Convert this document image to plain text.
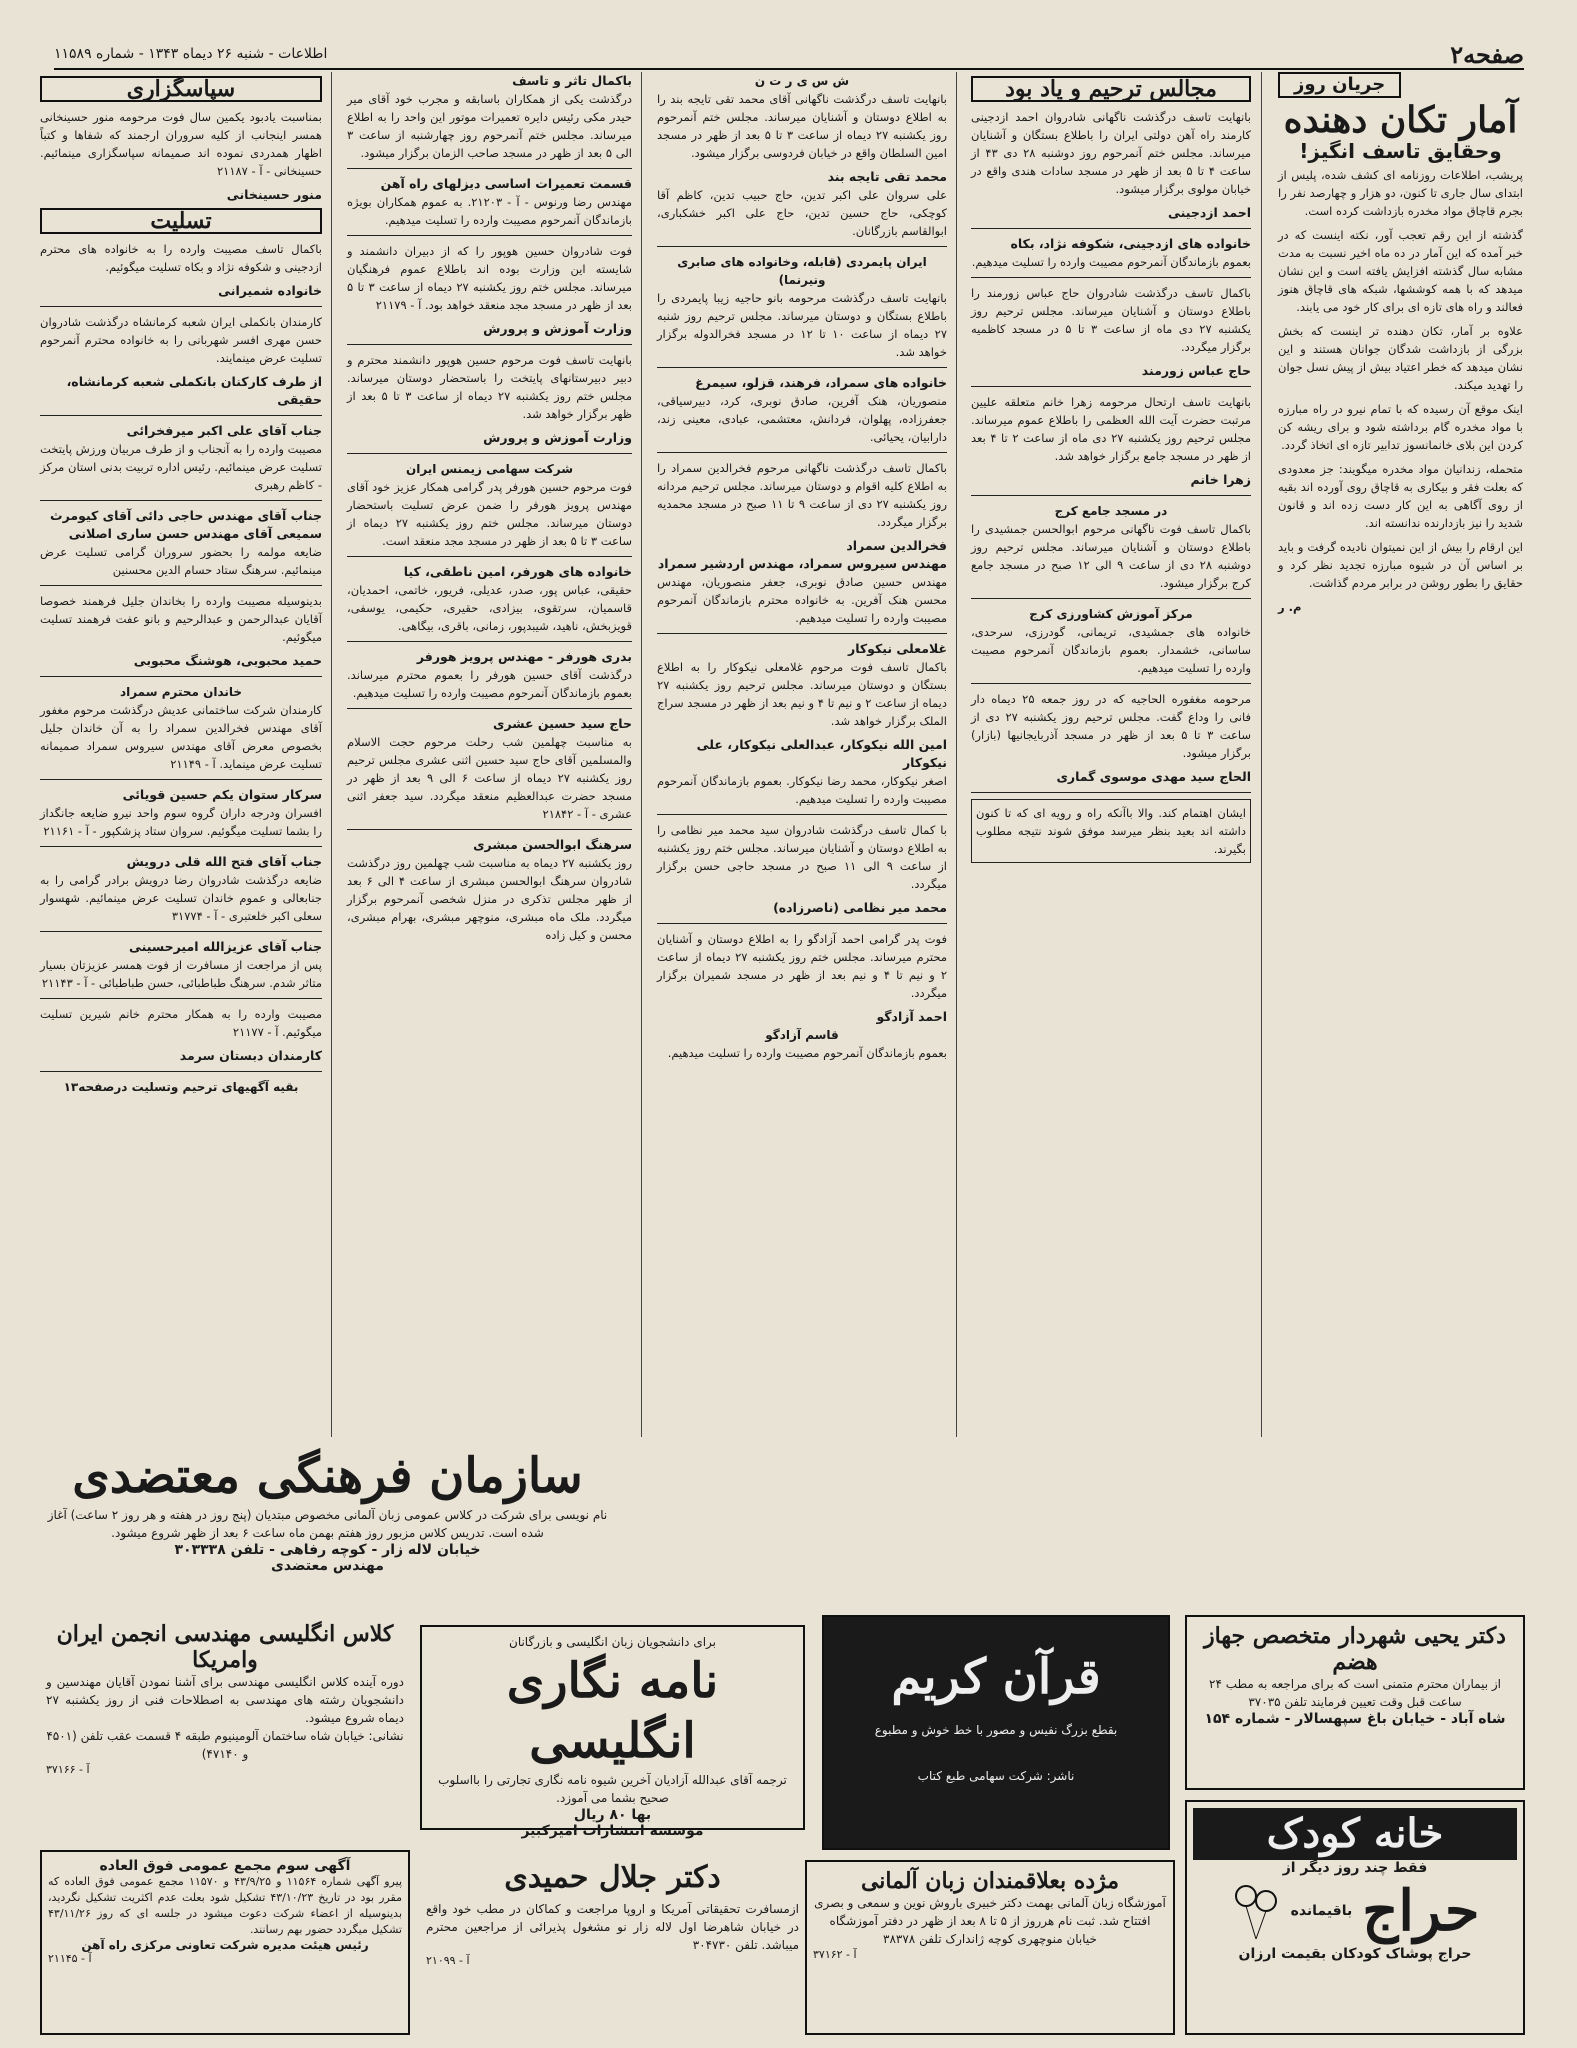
صفحه۲
اطلاعات - شنبه ۲۶ دیماه ۱۳۴۳ - شماره ۱۱۵۸۹
جریان روز
آمار تکان دهنده
وحقایق تاسف انگیز!

پریشب، اطلاعات روزنامه ای کشف شده، پلیس از ابتدای سال جاری تا کنون، دو هزار و چهارصد نفر را بجرم قاچاق مواد مخدره بازداشت کرده است.

گذشته از این رقم تعجب آور، نکته اینست که در خبر آمده که این آمار در ده ماه اخیر نسبت به مدت مشابه سال گذشته افزایش یافته است و این نشان میدهد که با همه کوششها، شبکه های قاچاق هنوز فعالند و راه های تازه ای برای کار خود می یابند.

علاوه بر آمار، تکان دهنده تر اینست که بخش بزرگی از بازداشت شدگان جوانان هستند و این نشان میدهد که خطر اعتیاد بیش از پیش نسل جوان را تهدید میکند.

اینک موقع آن رسیده که با تمام نیرو در راه مبارزه با مواد مخدره گام برداشته شود و برای ریشه کن کردن این بلای خانمانسوز تدابیر تازه ای اتخاذ گردد.

متحمله، زندانیان مواد مخدره میگویند: جز معدودی که بعلت فقر و بیکاری به قاچاق روی آورده اند بقیه از روی آگاهی به این کار دست زده اند و قانون شدید را نیز بازدارنده ندانسته اند.

این ارقام را بیش از این نمیتوان نادیده گرفت و باید بر اساس آن در شیوه مبارزه تجدید نظر کرد و حقایق را بطور روشن در برابر مردم گذاشت.

م. ر

مجالس ترحیم و یاد بود

بانهایت تاسف درگذشت ناگهانی شادروان احمد ازدجینی کارمند راه آهن دولتی ایران را باطلاع بستگان و آشنایان میرساند. مجلس ختم آنمرحوم روز دوشنبه ۲۸ دی ۴۳ از ساعت ۴ تا ۵ بعد از ظهر در مسجد سادات هندی واقع در خیابان مولوی برگزار میشود.

احمد ازدجینی
خانواده های ازدجینی، شکوفه نژاد، بکاه

بعموم بازماندگان آنمرحوم مصیبت وارده را تسلیت میدهیم.

باکمال تاسف درگذشت شادروان حاج عباس زورمند را باطلاع دوستان و آشنایان میرساند. مجلس ترحیم روز یکشنبه ۲۷ دی ماه از ساعت ۳ تا ۵ در مسجد کاظمیه برگزار میگردد.

حاج عباس زورمند

بانهایت تاسف ارتحال مرحومه زهرا خانم متعلقه علیین مرتبت حضرت آیت الله العظمی را باطلاع عموم میرساند. مجلس ترحیم روز یکشنبه ۲۷ دی ماه از ساعت ۲ تا ۴ بعد از ظهر در مسجد جامع برگزار خواهد شد.

زهرا خانم
در مسجد جامع کرج

باکمال تاسف فوت ناگهانی مرحوم ابوالحسن جمشیدی را باطلاع دوستان و آشنایان میرساند. مجلس ترحیم روز دوشنبه ۲۸ دی از ساعت ۹ الی ۱۲ صبح در مسجد جامع کرج برگزار میشود.

مرکز آموزش کشاورزی کرج

خانواده های جمشیدی، تریمانی، گودرزی، سرحدی، ساسانی، خشمدار. بعموم بازماندگان آنمرحوم مصیبت وارده را تسلیت میدهیم.

مرحومه مغفوره الحاجیه که در روز جمعه ۲۵ دیماه دار فانی را وداع گفت. مجلس ترحیم روز یکشنبه ۲۷ دی از ساعت ۳ تا ۵ بعد از ظهر در مسجد آذربایجانیها (بازار) برگزار میشود.

الحاج سید مهدی موسوی گماری

ایشان اهتمام کند. والا باآنکه راه و رویه ای که تا کنون داشته اند بعید بنظر میرسد موفق شوند نتیجه مطلوب بگیرند.

ش س ی ر ت ن

بانهایت تاسف درگذشت ناگهانی آقای محمد تقی تایجه بند را به اطلاع دوستان و آشنایان میرساند. مجلس ختم آنمرحوم روز یکشنبه ۲۷ دیماه از ساعت ۳ تا ۵ بعد از ظهر در مسجد امین السلطان واقع در خیابان فردوسی برگزار میشود.

محمد تقی تایجه بند

علی سروان علی اکبر تدین، حاج حبیب تدین، کاظم آقا کوچکی، حاج حسین تدین، حاج علی اکبر خشکباری، ابوالقاسم بازرگانان.

ایران پایمردی (قابله، وخانواده های صابری ونیرنما)

بانهایت تاسف درگذشت مرحومه بانو حاجیه زیبا پایمردی را باطلاع بستگان و دوستان میرساند. مجلس ترحیم روز شنبه ۲۷ دیماه از ساعت ۱۰ تا ۱۲ در مسجد فخرالدوله برگزار خواهد شد.

خانواده های سمراد، فرهند، قزلو، سیمرغ

منصوریان، هنک آفرین، صادق نوبری، کرد، دبیرسیاقی، جعفرزاده، پهلوان، فردانش، معتشمی، عبادی، معینی زند، دارابیان، یحیائی.

باکمال تاسف درگذشت ناگهانی مرحوم فخرالدین سمراد را به اطلاع کلیه اقوام و دوستان میرساند. مجلس ترحیم مردانه روز یکشنبه ۲۷ دی از ساعت ۹ تا ۱۱ صبح در مسجد محمدیه برگزار میگردد.

فخرالدین سمراد
مهندس سیروس سمراد، مهندس اردشیر سمراد

مهندس حسین صادق نوبری، جعفر منصوریان، مهندس محسن هنک آفرین. به خانواده محترم بازماندگان آنمرحوم مصیبت وارده را تسلیت میدهیم.

غلامعلی نیکوکار

باکمال تاسف فوت مرحوم غلامعلی نیکوکار را به اطلاع بستگان و دوستان میرساند. مجلس ترحیم روز یکشنبه ۲۷ دیماه از ساعت ۲ و نیم تا ۴ و نیم بعد از ظهر در مسجد سراج الملک برگزار خواهد شد.

امین الله نیکوکار، عبدالعلی نیکوکار، علی نیکوکار

اصغر نیکوکار، محمد رضا نیکوکار. بعموم بازماندگان آنمرحوم مصیبت وارده را تسلیت میدهیم.

با کمال تاسف درگذشت شادروان سید محمد میر نظامی را به اطلاع دوستان و آشنایان میرساند. مجلس ختم روز یکشنبه از ساعت ۹ الی ۱۱ صبح در مسجد حاجی حسن برگزار میگردد.

محمد میر نظامی (ناصرزاده)

فوت پدر گرامی احمد آزادگو را به اطلاع دوستان و آشنایان محترم میرساند. مجلس ختم روز یکشنبه ۲۷ دیماه از ساعت ۲ و نیم تا ۴ و نیم بعد از ظهر در مسجد شمیران برگزار میگردد.

احمد آزادگو
قاسم آزادگو

بعموم بازماندگان آنمرحوم مصیبت وارده را تسلیت میدهیم.

باکمال تاثر و تاسف

درگذشت یکی از همکاران باسابقه و مجرب خود آقای میر حیدر مکی رئیس دایره تعمیرات موتور این واحد را به اطلاع میرساند. مجلس ختم آنمرحوم روز چهارشنبه از ساعت ۳ الی ۵ بعد از ظهر در مسجد صاحب الزمان برگزار میشود.

قسمت تعمیرات اساسی دیزلهای راه آهن

مهندس رضا ورنوس - آ - ۲۱۲۰۳. به عموم همکاران بویژه بازماندگان آنمرحوم مصیبت وارده را تسلیت میدهیم.

فوت شادروان حسین هوپور را که از دبیران دانشمند و شایسته این وزارت بوده اند باطلاع عموم فرهنگیان میرساند. مجلس ختم روز یکشنبه ۲۷ دیماه از ساعت ۳ تا ۵ بعد از ظهر در مسجد مجد منعقد خواهد بود. آ - ۲۱۱۷۹

وزارت آموزش و پرورش

بانهایت تاسف فوت مرحوم حسین هوپور دانشمند محترم و دبیر دبیرستانهای پایتخت را باستحضار دوستان میرساند. مجلس ختم روز یکشنبه ۲۷ دیماه از ساعت ۳ تا ۵ بعد از ظهر برگزار خواهد شد.

وزارت آموزش و پرورش
شرکت سهامی زیمنس ایران

فوت مرحوم حسین هورفر پدر گرامی همکار عزیز خود آقای مهندس پرویز هورفر را ضمن عرض تسلیت باستحضار دوستان میرساند. مجلس ختم روز یکشنبه ۲۷ دیماه از ساعت ۳ تا ۵ بعد از ظهر در مسجد مجد منعقد است.

خانواده های هورفر، امین ناطقی، کیا

حقیقی، عباس پور، صدر، عدیلی، فریور، خاتمی، احمدیان، قاسمیان، سرتقوی، بیزادی، حقیری، حکیمی، یوسفی، قویزبخش، ناهید، شیبدپور، زمانی، باقری، بیگاهی.

بدری هورفر - مهندس پرویز هورفر

درگذشت آقای حسین هورفر را بعموم محترم میرساند. بعموم بازماندگان آنمرحوم مصیبت وارده را تسلیت میدهیم.

حاج سید حسین عشری

به مناسبت چهلمین شب رحلت مرحوم حجت الاسلام والمسلمین آقای حاج سید حسین اثنی عشری مجلس ترحیم روز یکشنبه ۲۷ دیماه از ساعت ۶ الی ۹ بعد از ظهر در مسجد حضرت عبدالعظیم منعقد میگردد. سید جعفر اثنی عشری - آ - ۲۱۸۴۲

سرهنگ ابوالحسن مبشری

روز یکشنبه ۲۷ دیماه به مناسبت شب چهلمین روز درگذشت شادروان سرهنگ ابوالحسن مبشری از ساعت ۴ الی ۶ بعد از ظهر مجلس تذکری در منزل شخصی آنمرحوم برگزار میگردد. ملک ماه مبشری، منوچهر مبشری، بهرام مبشری، محسن و کیل زاده

سپاسگزاری

بمناسبت یادبود یکمین سال فوت مرحومه منور حسینخانی همسر اینجانب از کلیه سروران ارجمند که شفاها و کتباً اظهار همدردی نموده اند صمیمانه سپاسگزاری مینمائیم. حسینخانی - آ - ۲۱۱۸۷

منور حسینخانی
تسلیت

باکمال تاسف مصیبت وارده را به خانواده های محترم ازدجینی و شکوفه نژاد و بکاه تسلیت میگوئیم.

خانواده شمیرانی

کارمندان بانکملی ایران شعبه کرمانشاه درگذشت شادروان حسن مهری افسر شهربانی را به خانواده محترم آنمرحوم تسلیت عرض مینمایند.

از طرف کارکنان بانکملی شعبه کرمانشاه، حقیقی
جناب آقای علی اکبر میرفخرائی

مصیبت وارده را به آنجناب و از طرف مربیان ورزش پایتخت تسلیت عرض مینمائیم. رئیس اداره تربیت بدنی استان مرکز - کاظم رهبری

جناب آقای مهندس حاجی دائی آقای کیومرث سمیعی آقای مهندس حسن ساری اصلانی

ضایعه مولمه را بحضور سروران گرامی تسلیت عرض مینمائیم. سرهنگ ستاد حسام الدین محسنین

بدینوسیله مصیبت وارده را بخاندان جلیل فرهمند خصوصا آقایان عبدالرحمن و عبدالرحیم و بانو عفت فرهمند تسلیت میگوئیم.

حمید محبوبی، هوشنگ محبوبی
خاندان محترم سمراد

کارمندان شرکت ساختمانی عدیش درگذشت مرحوم مغفور آقای مهندس فخرالدین سمراد را به آن خاندان جلیل بخصوص معرض آقای مهندس سیروس سمراد صمیمانه تسلیت عرض مینماید. آ - ۲۱۱۴۹

سرکار ستوان یکم حسین قویائی

افسران ودرجه داران گروه سوم واحد نیرو ضایعه جانگداز را بشما تسلیت میگوئیم. سروان ستاد پزشکپور - آ - ۲۱۱۶۱

جناب آقای فتح الله قلی درویش

ضایعه درگذشت شادروان رضا درویش برادر گرامی را به جنابعالی و عموم خاندان تسلیت عرض مینمائیم. شهسوار سعلی اکبر خلعتبری - آ - ۳۱۷۷۴

جناب آقای عزیزالله امیرحسینی

پس از مراجعت از مسافرت از فوت همسر عزیزتان بسیار متاثر شدم. سرهنگ طباطبائی، حسن طباطبائی - آ - ۲۱۱۴۳

مصیبت وارده را به همکار محترم خانم شیرین تسلیت میگوئیم. آ - ۲۱۱۷۷

کارمندان دبستان سرمد
بقیه آگهیهای ترحیم وتسلیت درصفحه۱۳
سازمان فرهنگی معتضدی
نام نویسی برای شرکت در کلاس عمومی زبان آلمانی مخصوص مبتدیان (پنج روز در هفته و هر روز ۲ ساعت) آغاز شده است. تدریس کلاس مزبور روز هفتم بهمن ماه ساعت ۶ بعد از ظهر شروع میشود.
خیابان لاله زار - کوچه رفاهی - تلفن ۳۰۳۳۳۸
مهندس معتضدی
دکتر یحیی شهردار متخصص جهاز هضم
از بیماران محترم متمنی است که برای مراجعه به مطب ۲۴ ساعت قبل وقت تعیین فرمایند تلفن ۳۷۰۳۵
شاه آباد - خیابان باغ سپهسالار - شماره ۱۵۴
قرآن کریم
بقطع بزرگ نفیس و مصور با خط خوش و مطبوع
ناشر: شرکت سهامی طبع کتاب
برای دانشجویان زبان انگلیسی و بازرگانان
نامه نگاری انگلیسی
ترجمه آقای عبدالله آزادیان آخرین شیوه نامه نگاری تجارتی را بااسلوب صحیح بشما می آموزد.
بها ۸۰ ریال
موسسه انتشارات امیرکبیر
کلاس انگلیسی مهندسی انجمن ایران وامریکا
دوره آینده کلاس انگلیسی مهندسی برای آشنا نمودن آقایان مهندسین و دانشجویان رشته های مهندسی به اصطلاحات فنی از روز یکشنبه ۲۷ دیماه شروع میشود.
نشانی: خیابان شاه ساختمان آلومینیوم طبقه ۴ قسمت عقب تلفن (۴۵۰۱ و ۴۷۱۴۰)
آ - ۳۷۱۶۶
آگهی سوم مجمع عمومی فوق العاده
پیرو آگهی شماره ۱۱۵۶۴ و ۴۳/۹/۲۵ و ۱۱۵۷۰ مجمع عمومی فوق العاده که مقرر بود در تاریخ ۴۳/۱۰/۲۳ تشکیل شود بعلت عدم اکثریت تشکیل نگردید، بدینوسیله از اعضاء شرکت دعوت میشود در جلسه ای که روز ۴۳/۱۱/۲۶ تشکیل میگردد حضور بهم رسانند.
رئیس هیئت مدیره شرکت تعاونی مرکزی راه آهن
آ - ۲۱۱۴۵
دکتر جلال حمیدی
ازمسافرت تحقیقاتی آمریکا و اروپا مراجعت و کماکان در مطب خود واقع در خیابان شاهرضا اول لاله زار نو مشغول پذیرائی از مراجعین محترم میباشد. تلفن ۳۰۴۷۳۰
آ - ۲۱۰۹۹
مژده بعلاقمندان زبان آلمانی
آموزشگاه زبان آلمانی بهمت دکتر خبیری باروش نوین و سمعی و بصری افتتاح شد. ثبت نام هرروز از ۵ تا ۸ بعد از ظهر در دفتر آموزشگاه خیابان منوچهری کوچه ژاندارک تلفن ۳۸۳۷۸
آ - ۳۷۱۶۲
خانه کودک
فقط چند روز دیگر از
حراج
باقیمانده
حراج پوشاک کودکان بقیمت ارزان
